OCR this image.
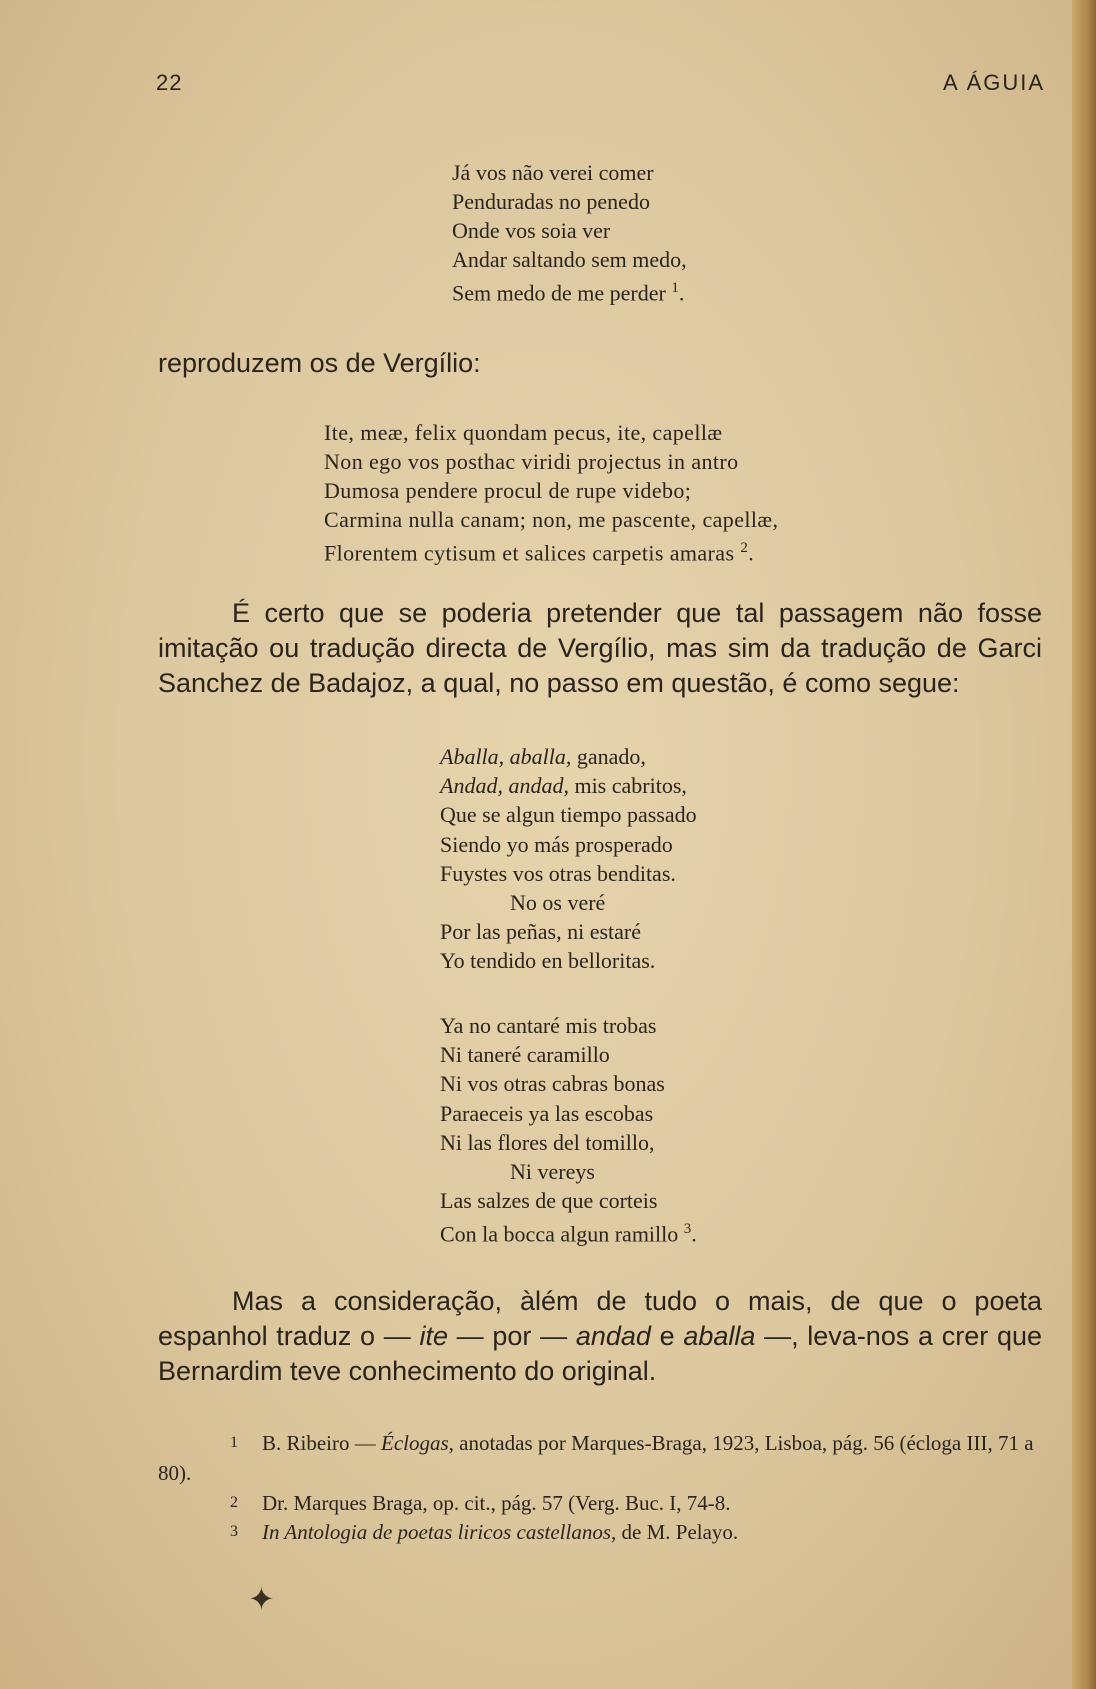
22	A ÁGUIA
Já vos não verei comer
Penduradas no penedo
Onde vos soia ver
Andar saltando sem medo,
Sem medo de me perder $^1$.

reproduzem os de Vergílio:

Ite, meæ, felix quondam pecus, ite, capellæ
Non ego vos posthac viridi projectus in antro
Dumosa pendere procul de rupe videbo;
Carmina nulla canam; non, me pascente, capellæ,
Florentem cytisum et salices carpetis amaras $^2$.

É certo que se poderia pretender que tal passagem não fosse imitação ou tradução directa de Vergílio, mas sim da tradução de Garci Sanchez de Badajoz, a qual, no passo em questão, é como segue:

Aballa, aballa, ganado,
Andad, andad, mis cabritos,
Que se algun tiempo passado
Siendo yo más prosperado
Fuystes vos otras benditas.
No os veré
Por las peñas, ni estaré
Yo tendido en belloritas.
Ya no cantaré mis trobas
Ni taneré caramillo
Ni vos otras cabras bonas
Paraeceis ya las escobas
Ni las flores del tomillo,
Ni vereys
Las salzes de que corteis
Con la bocca algun ramillo $^3$.

Mas a consideração, àlém de tudo o mais, de que o poeta espanhol traduz o — ite — por — andad e aballa —, leva-nos a crer que Bernardim teve conhecimento do original.

1 B. Ribeiro — Éclogas, anotadas por Marques-Braga, 1923, Lisboa, pág. 56 (écloga III, 71 a 80).
2 Dr. Marques Braga, op. cit., pág. 57 (Verg. Buc. I, 74-8.
3 In Antologia de poetas liricos castellanos, de M. Pelayo.
✦
